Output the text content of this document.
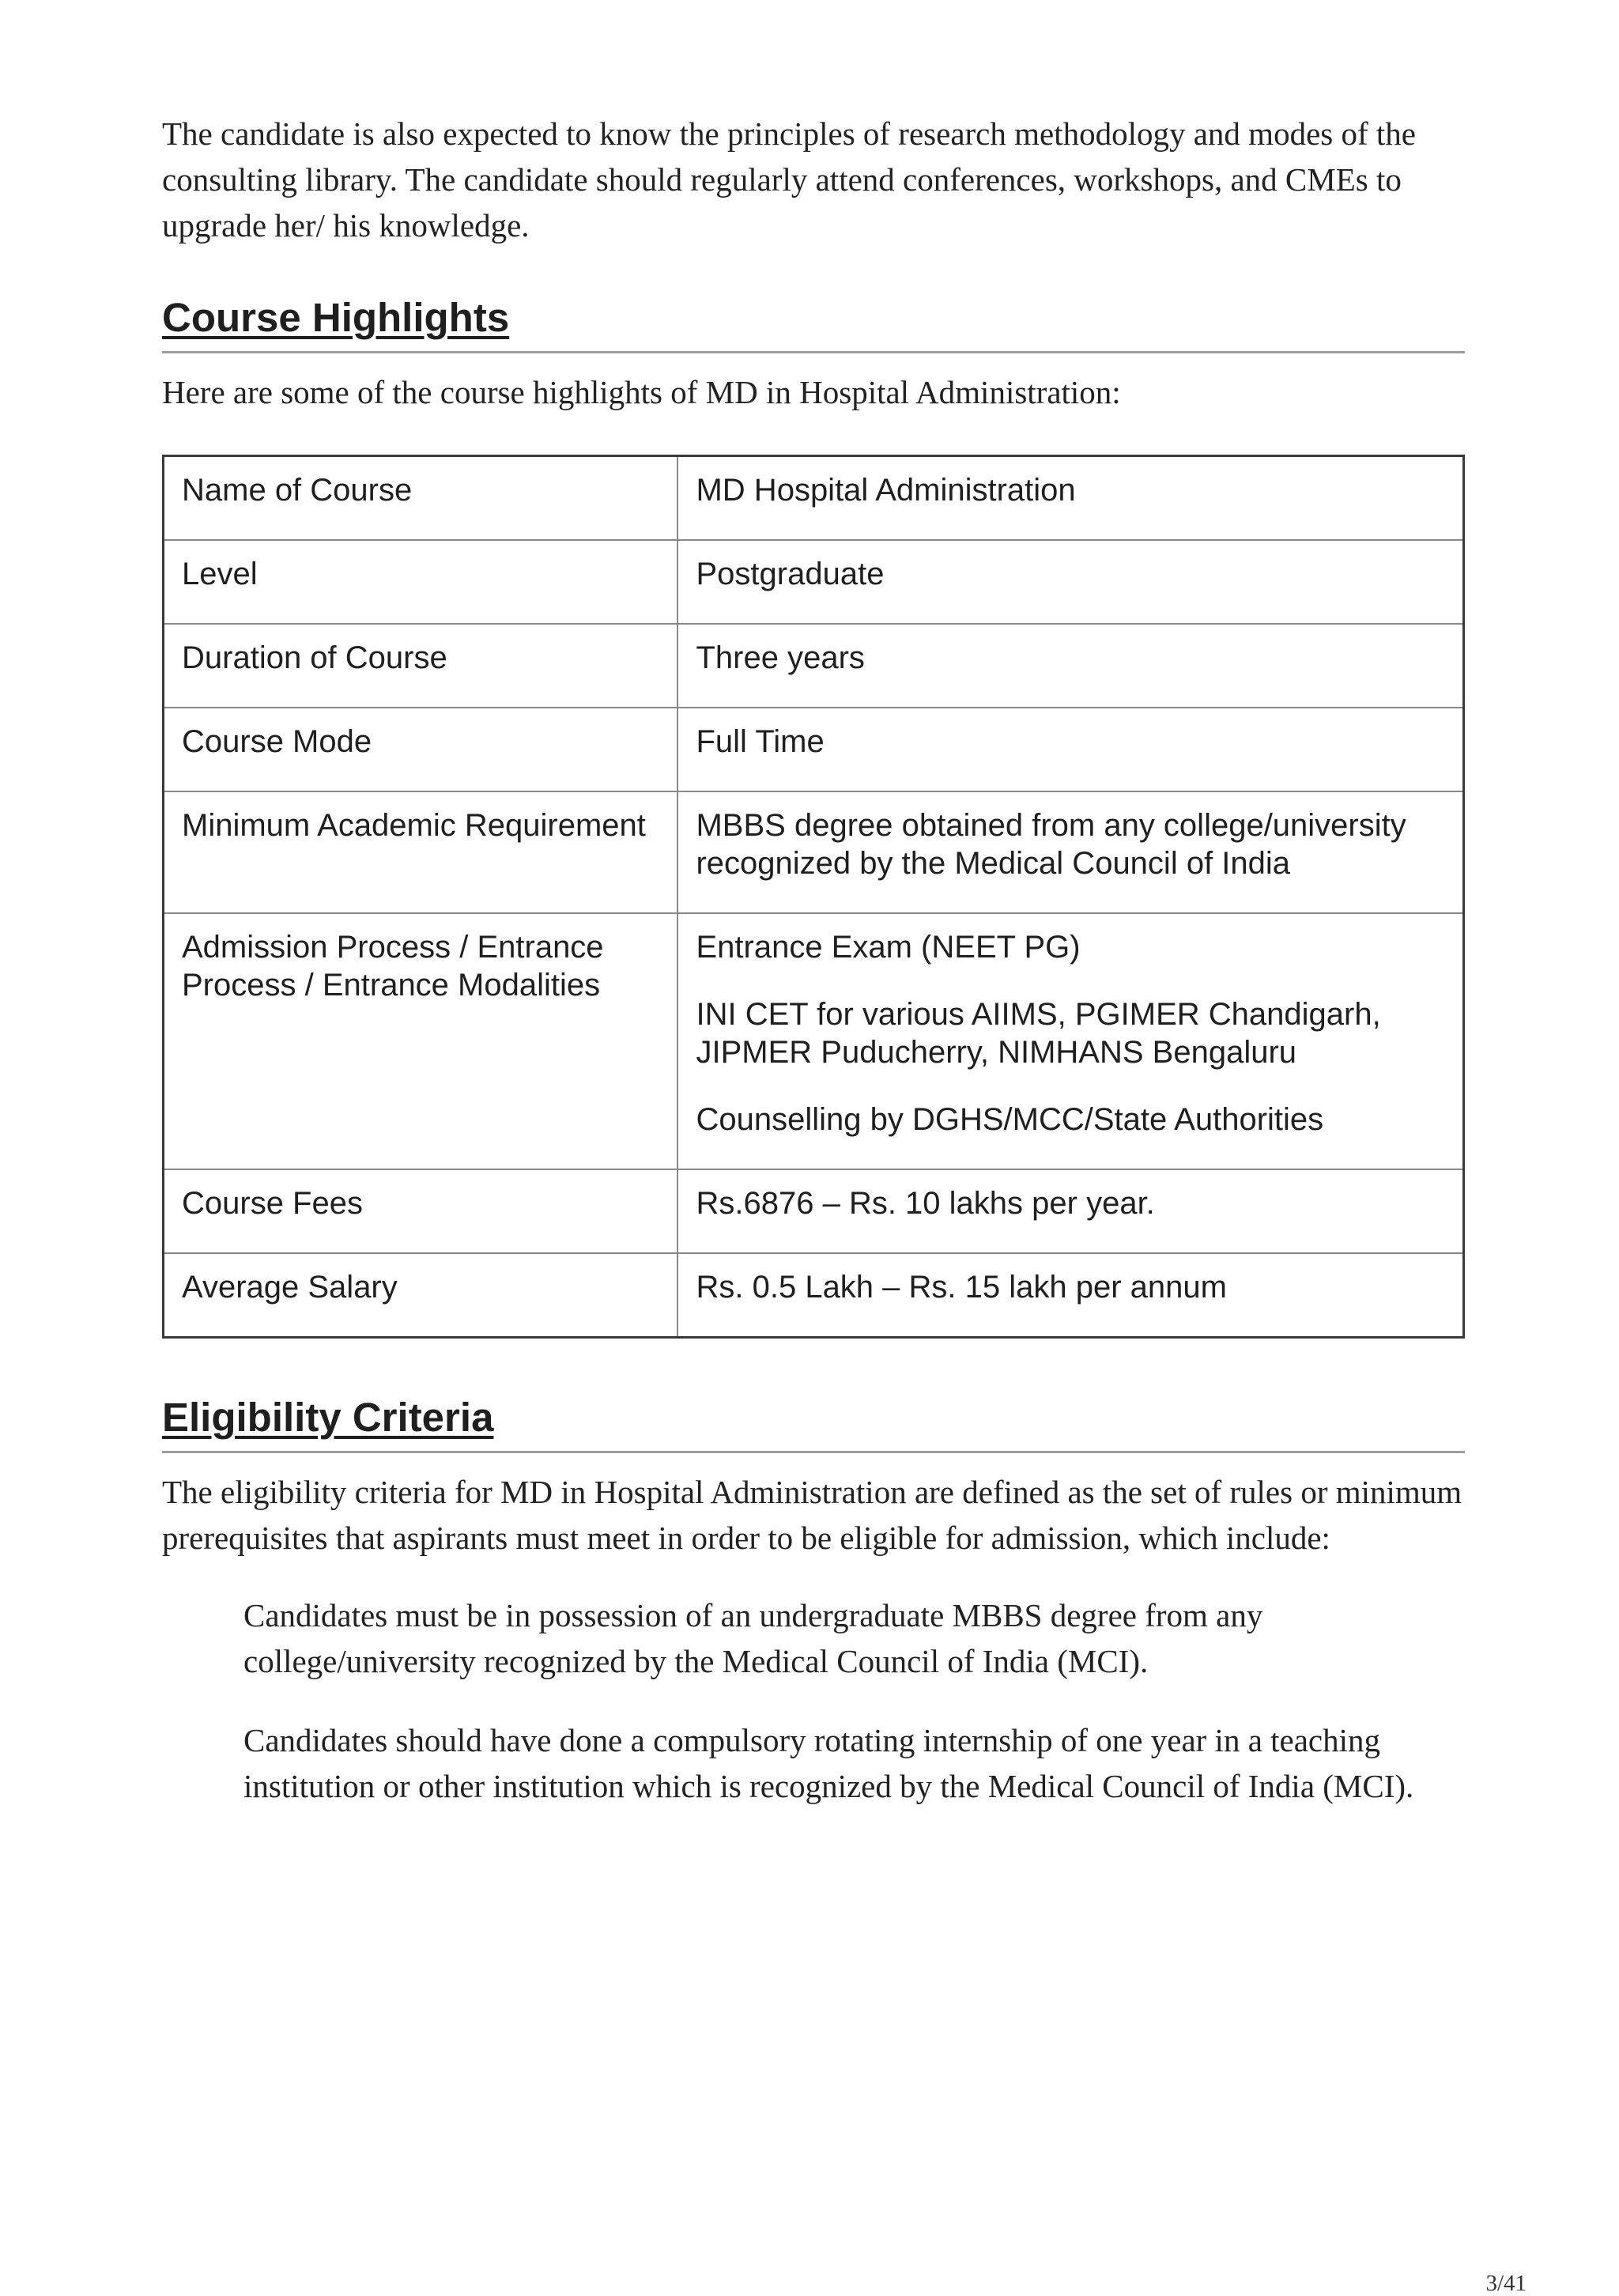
The candidate is also expected to know the principles of research methodology and modes of the consulting library. The candidate should regularly attend conferences, workshops, and CMEs to upgrade her/ his knowledge.

Course Highlights

Here are some of the course highlights of MD in Hospital Administration:

Name of Course	MD Hospital Administration

Level	Postgraduate

Duration of Course	Three years

Course Mode	Full Time

Minimum Academic Requirement	MBBS degree obtained from any college/university recognized by the Medical Council of India

Admission Process / Entrance Process / Entrance Modalities	Entrance Exam (NEET PG)

INI CET for various AIIMS, PGIMER Chandigarh, JIPMER Puducherry, NIMHANS Bengaluru

Counselling by DGHS/MCC/State Authorities

Course Fees	Rs.6876 – Rs. 10 lakhs per year.

Average Salary	Rs. 0.5 Lakh – Rs. 15 lakh per annum

Eligibility Criteria

The eligibility criteria for MD in Hospital Administration are defined as the set of rules or minimum prerequisites that aspirants must meet in order to be eligible for admission, which include:

Candidates must be in possession of an undergraduate MBBS degree from any college/university recognized by the Medical Council of India (MCI).

Candidates should have done a compulsory rotating internship of one year in a teaching institution or other institution which is recognized by the Medical Council of India (MCI).

3/41
